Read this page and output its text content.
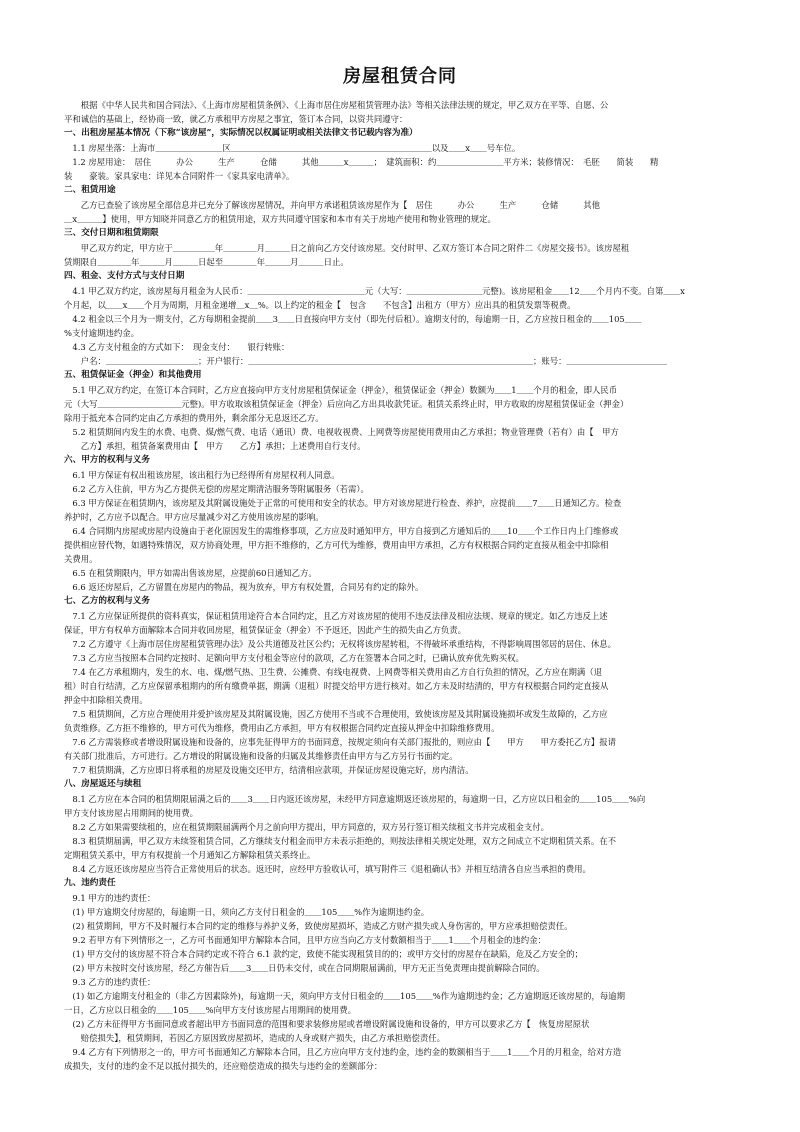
房屋租赁合同
　　根据《中华人民共和国合同法》、《上海市房屋租赁条例》、《上海市居住房屋租赁管理办法》等相关法律法规的规定，甲乙双方在平等、自愿、公
平和诚信的基础上，经协商一致，就乙方承租甲方房屋之事宜，签订本合同，以资共同遵守：
一、出租房屋基本情况（下称“该房屋”，实际情况以权属证明或相关法律文书记载内容为准）
　1.1 房屋坐落：上海市＿＿＿＿＿＿＿＿区＿＿＿＿＿＿＿＿＿＿＿＿＿＿＿＿＿＿＿＿＿＿＿＿以及＿＿x＿＿号车位。
　1.2 房屋用途：　居住　　　办公　　　生产　　　仓储　　　其他＿＿＿x＿＿＿；　建筑面积：约＿＿＿＿＿＿＿＿平方米；装修情况：　毛胚　　简装　　精
装　　豪装。家具家电：详见本合同附件一《家具家电清单》。
二、租赁用途
　　乙方已查验了该房屋全部信息并已充分了解该房屋情况，并向甲方承诺租赁该房屋作为【　居住　　　办公　　　生产　　　仓储　　　其他
＿x＿＿＿】使用，甲方知晓并同意乙方的租赁用途，双方共同遵守国家和本市有关于房地产使用和物业管理的规定。
三、交付日期和租赁期限
　　甲乙双方约定，甲方应于＿＿＿＿＿年＿＿＿＿月＿＿＿日之前向乙方交付该房屋。交付时甲、乙双方签订本合同之附件二《房屋交接书》。该房屋租
赁期限自＿＿＿＿年＿＿＿月＿＿＿日起至＿＿＿＿年＿＿＿月＿＿＿日止。
四、租金、支付方式与支付日期
　4.1 甲乙双方约定，该房屋每月租金为人民币：＿＿＿＿＿＿＿＿＿＿＿＿＿＿元（大写：＿＿＿＿＿＿＿＿＿元整)。该房屋租金＿＿12＿＿个月内不变。自第＿＿x
个月起，以＿＿x＿＿个月为周期，月租金递增＿x＿%。以上约定的租金【　包含　　不包含】出租方（甲方）应出具的租赁发票等税费。
　4.2 租金以三个月为一期支付，乙方每期租金提前＿＿3＿＿日直接向甲方支付（即先付后租）。逾期支付的，每逾期一日，乙方应按日租金的＿＿105＿＿
%支付逾期违约金。
　4.3 乙方支付租金的方式如下：　现金支付：　　银行转账：
　　户名：＿＿＿＿＿＿＿＿＿＿＿；开户银行：＿＿＿＿＿＿＿＿＿＿＿＿＿＿＿＿＿＿＿＿＿＿＿＿＿＿＿＿＿＿＿＿＿＿；账号：＿＿＿＿＿＿＿＿＿＿＿＿
五、租赁保证金（押金）和其他费用
　5.1 甲乙双方约定，在签订本合同时，乙方应直接向甲方支付房屋租赁保证金（押金），租赁保证金（押金）数额为＿＿1＿＿个月的租金，即人民币
元（大写＿＿＿＿＿＿＿＿＿＿元整)。甲方收取该租赁保证金（押金）后应向乙方出具收款凭证。租赁关系终止时，甲方收取的房屋租赁保证金（押金）
除用于抵充本合同约定由乙方承担的费用外，剩余部分无息返还乙方。
　5.2 租赁期间内发生的水费、电费、煤/燃气费、电话（通讯）费、电视收视费、上网费等房屋使用费用由乙方承担；物业管理费（若有）由【　甲方
　　乙方】承担，租赁备案费用由【　甲方　　乙方】承担；上述费用自行支付。
六、甲方的权利与义务
　6.1 甲方保证有权出租该房屋，该出租行为已经得所有房屋权利人同意。
　6.2 乙方入住前，甲方为乙方提供无偿的房屋定期清洁服务等附属服务（若需）。
　6.3 甲方保证在租赁期内，该房屋及其附属设施处于正常的可使用和安全的状态。甲方对该房屋进行检查、养护，应提前＿＿7＿＿日通知乙方。检查
养护时，乙方应予以配合。甲方应尽量减少对乙方使用该房屋的影响。
　6.4 合同期内房屋或房屋内设施由于老化原因发生的需维修事项，乙方应及时通知甲方，甲方自接到乙方通知后的＿＿10＿＿个工作日内上门维修或
提供相应替代物，如遇特殊情况，双方协商处理，甲方拒不维修的，乙方可代为维修，费用由甲方承担，乙方有权根据合同约定直接从租金中扣除相
关费用。
　6.5 在租赁期限内，甲方如需出售该房屋，应提前60日通知乙方。
　6.6 返还房屋后，乙方留置在房屋内的物品，视为放弃，甲方有权处置，合同另有约定的除外。
七、乙方的权利与义务
　7.1 乙方应保证所提供的资料真实，保证租赁用途符合本合同约定，且乙方对该房屋的使用不违反法律及相应法规、规章的规定。如乙方违反上述
保证，甲方有权单方面解除本合同并收回房屋，租赁保证金（押金）不予返还，因此产生的损失由乙方负责。
　7.2 乙方遵守《上海市居住房屋租赁管理办法》及公共道德及社区公约；无权将该房屋转租，不得破坏承重结构，不得影响周围邻居的居住、休息。
　7.3 乙方应当按照本合同约定按时、足额向甲方支付租金等应付的款项，乙方在签署本合同之时，已确认放弃优先购买权。
　7.4 在乙方承租期内，发生的水、电、煤/燃气热、卫生费、公摊费、有线电视费、上网费等相关费用由乙方自行负担的情况，乙方应在期满（退
租）时自行结清，乙方应保留承租期内的所有缴费单据，期满（退租）时提交给甲方进行核对。如乙方未及时结清的，甲方有权根据合同约定直接从
押金中扣除相关费用。
　7.5 租赁期间，乙方应合理使用并爱护该房屋及其附属设施，因乙方使用不当或不合理使用，致使该房屋及其附属设施损坏或发生故障的，乙方应
负责维修。乙方拒不维修的，甲方可代为维修，费用由乙方承担，甲方有权根据合同约定直接从押金中扣除维修费用。
　7.6 乙方需装修或者增设附属设施和设备的，应事先征得甲方的书面同意，按规定须向有关部门报批的，则应由【　　甲方　　甲方委托乙方】报请
有关部门批准后，方可进行。乙方增设的附属设施和设备的归属及其维修责任由甲方与乙方另行书面约定。
　7.7 租赁期满，乙方应即日将承租的房屋及设施交还甲方，结清相应款项，并保证房屋设施完好，房内清洁。
八、房屋返还与续租
　8.1 乙方应在本合同的租赁期限届满之后的＿＿3＿＿日内返还该房屋，未经甲方同意逾期返还该房屋的，每逾期一日，乙方应以日租金的＿＿105＿＿%向
甲方支付该房屋占用期间的使用费。
　8.2 乙方如果需要续租的，应在租赁期限届满两个月之前向甲方提出，甲方同意的，双方另行签订相关续租文书并完成租金支付。
　8.3 租赁期届满，甲乙双方未续签租赁合同，乙方继续支付租金而甲方未表示拒绝的，则按法律相关规定处理，双方之间成立不定期租赁关系。在不
定期租赁关系中，甲方有权提前一个月通知乙方解除租赁关系终止。
　8.4 乙方返还该房屋应当符合正常使用后的状态。返还时，应经甲方验收认可，填写附件三《退租确认书》并相互结清各自应当承担的费用。
九、违约责任
　9.1 甲方的违约责任：
　(1) 甲方逾期交付房屋的，每逾期一日，须向乙方支付日租金的＿＿105＿＿%作为逾期违约金。
　(2) 租赁期间，甲方不及时履行本合同约定的维修与养护义务，致使房屋损坏，造成乙方财产损失或人身伤害的，甲方应承担赔偿责任。
　9.2 若甲方有下列情形之一，乙方可书面通知甲方解除本合同，且甲方应当向乙方支付数额相当于＿＿1＿＿个月租金的违约金：
　(1) 甲方交付的该房屋不符合本合同约定或不符合 6.1 款约定，致使不能实现租赁目的的；或甲方交付的房屋存在缺陷，危及乙方安全的；
　(2) 甲方未按时交付该房屋，经乙方催告后＿＿3＿＿日仍未交付，或在合同期限届满前，甲方无正当免责理由提前解除合同的。
　9.3 乙方的违约责任：
　(1) 如乙方逾期支付租金的（非乙方因素除外)，每逾期一天，须向甲方支付日租金的＿＿105＿＿%作为逾期违约金；乙方逾期返还该房屋的，每逾期
一日，乙方应以日租金的＿＿105＿＿%向甲方支付该房屋占用期间的使用费。
　(2) 乙方未征得甲方书面同意或者超出甲方书面同意的范围和要求装修房屋或者增设附属设施和设备的，甲方可以要求乙方【　恢复房屋原状
　　赔偿损失】，租赁期间，若因乙方原因致房屋损坏，造成的人身或财产损失，由乙方承担赔偿责任。
　9.4 乙方有下列情形之一的，甲方可书面通知乙方解除本合同，且乙方应向甲方支付违约金，违约金的数额相当于＿＿1＿＿个月的月租金，给对方造
成损失，支付的违约金不足以抵付损失的，还应赔偿造成的损失与违约金的差额部分：
